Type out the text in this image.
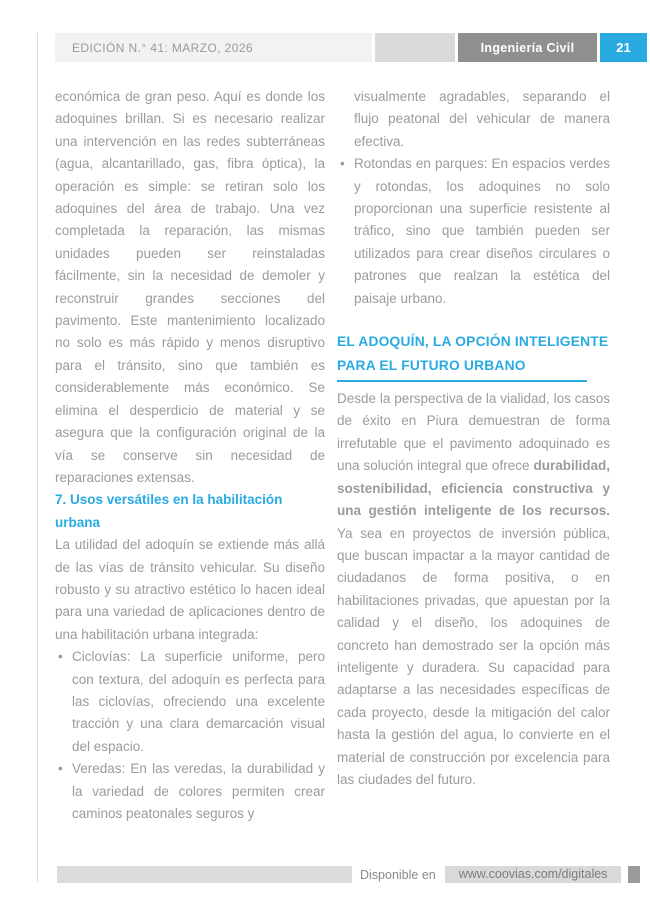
EDICIÓN N.° 41: MARZO, 2026	Ingeniería Civil	21

económica de gran peso. Aquí es donde los adoquines brillan. Si es necesario realizar una intervención en las redes subterráneas (agua, alcantarillado, gas, fibra óptica), la operación es simple: se retiran solo los adoquines del área de trabajo. Una vez completada la reparación, las mismas unidades pueden ser reinstaladas fácilmente, sin la necesidad de demoler y reconstruir grandes secciones del pavimento. Este mantenimiento localizado no solo es más rápido y menos disruptivo para el tránsito, sino que también es considerablemente más económico. Se elimina el desperdicio de material y se asegura que la configuración original de la vía se conserve sin necesidad de reparaciones extensas.

7. Usos versátiles en la habilitación urbana

La utilidad del adoquín se extiende más allá de las vías de tránsito vehicular. Su diseño robusto y su atractivo estético lo hacen ideal para una variedad de aplicaciones dentro de una habilitación urbana integrada:

• Ciclovías: La superficie uniforme, pero con textura, del adoquín es perfecta para las ciclovías, ofreciendo una excelente tracción y una clara demarcación visual del espacio.
• Veredas: En las veredas, la durabilidad y la variedad de colores permiten crear caminos peatonales seguros y
visualmente agradables, separando el flujo peatonal del vehicular de manera efectiva.
• Rotondas en parques: En espacios verdes y rotondas, los adoquines no solo proporcionan una superficie resistente al tráfico, sino que también pueden ser utilizados para crear diseños circulares o patrones que realzan la estética del paisaje urbano.
EL ADOQUÍN, LA OPCIÓN INTELIGENTE
PARA EL FUTURO URBANO

Desde la perspectiva de la vialidad, los casos de éxito en Piura demuestran de forma irrefutable que el pavimento adoquinado es una solución integral que ofrece durabilidad, sostenibilidad, eficiencia constructiva y una gestión inteligente de los recursos. Ya sea en proyectos de inversión pública, que buscan impactar a la mayor cantidad de ciudadanos de forma positiva, o en habilitaciones privadas, que apuestan por la calidad y el diseño, los adoquines de concreto han demostrado ser la opción más inteligente y duradera. Su capacidad para adaptarse a las necesidades específicas de cada proyecto, desde la mitigación del calor hasta la gestión del agua, lo convierte en el material de construcción por excelencia para las ciudades del futuro.

Disponible en	www.coovias.com/digitales
